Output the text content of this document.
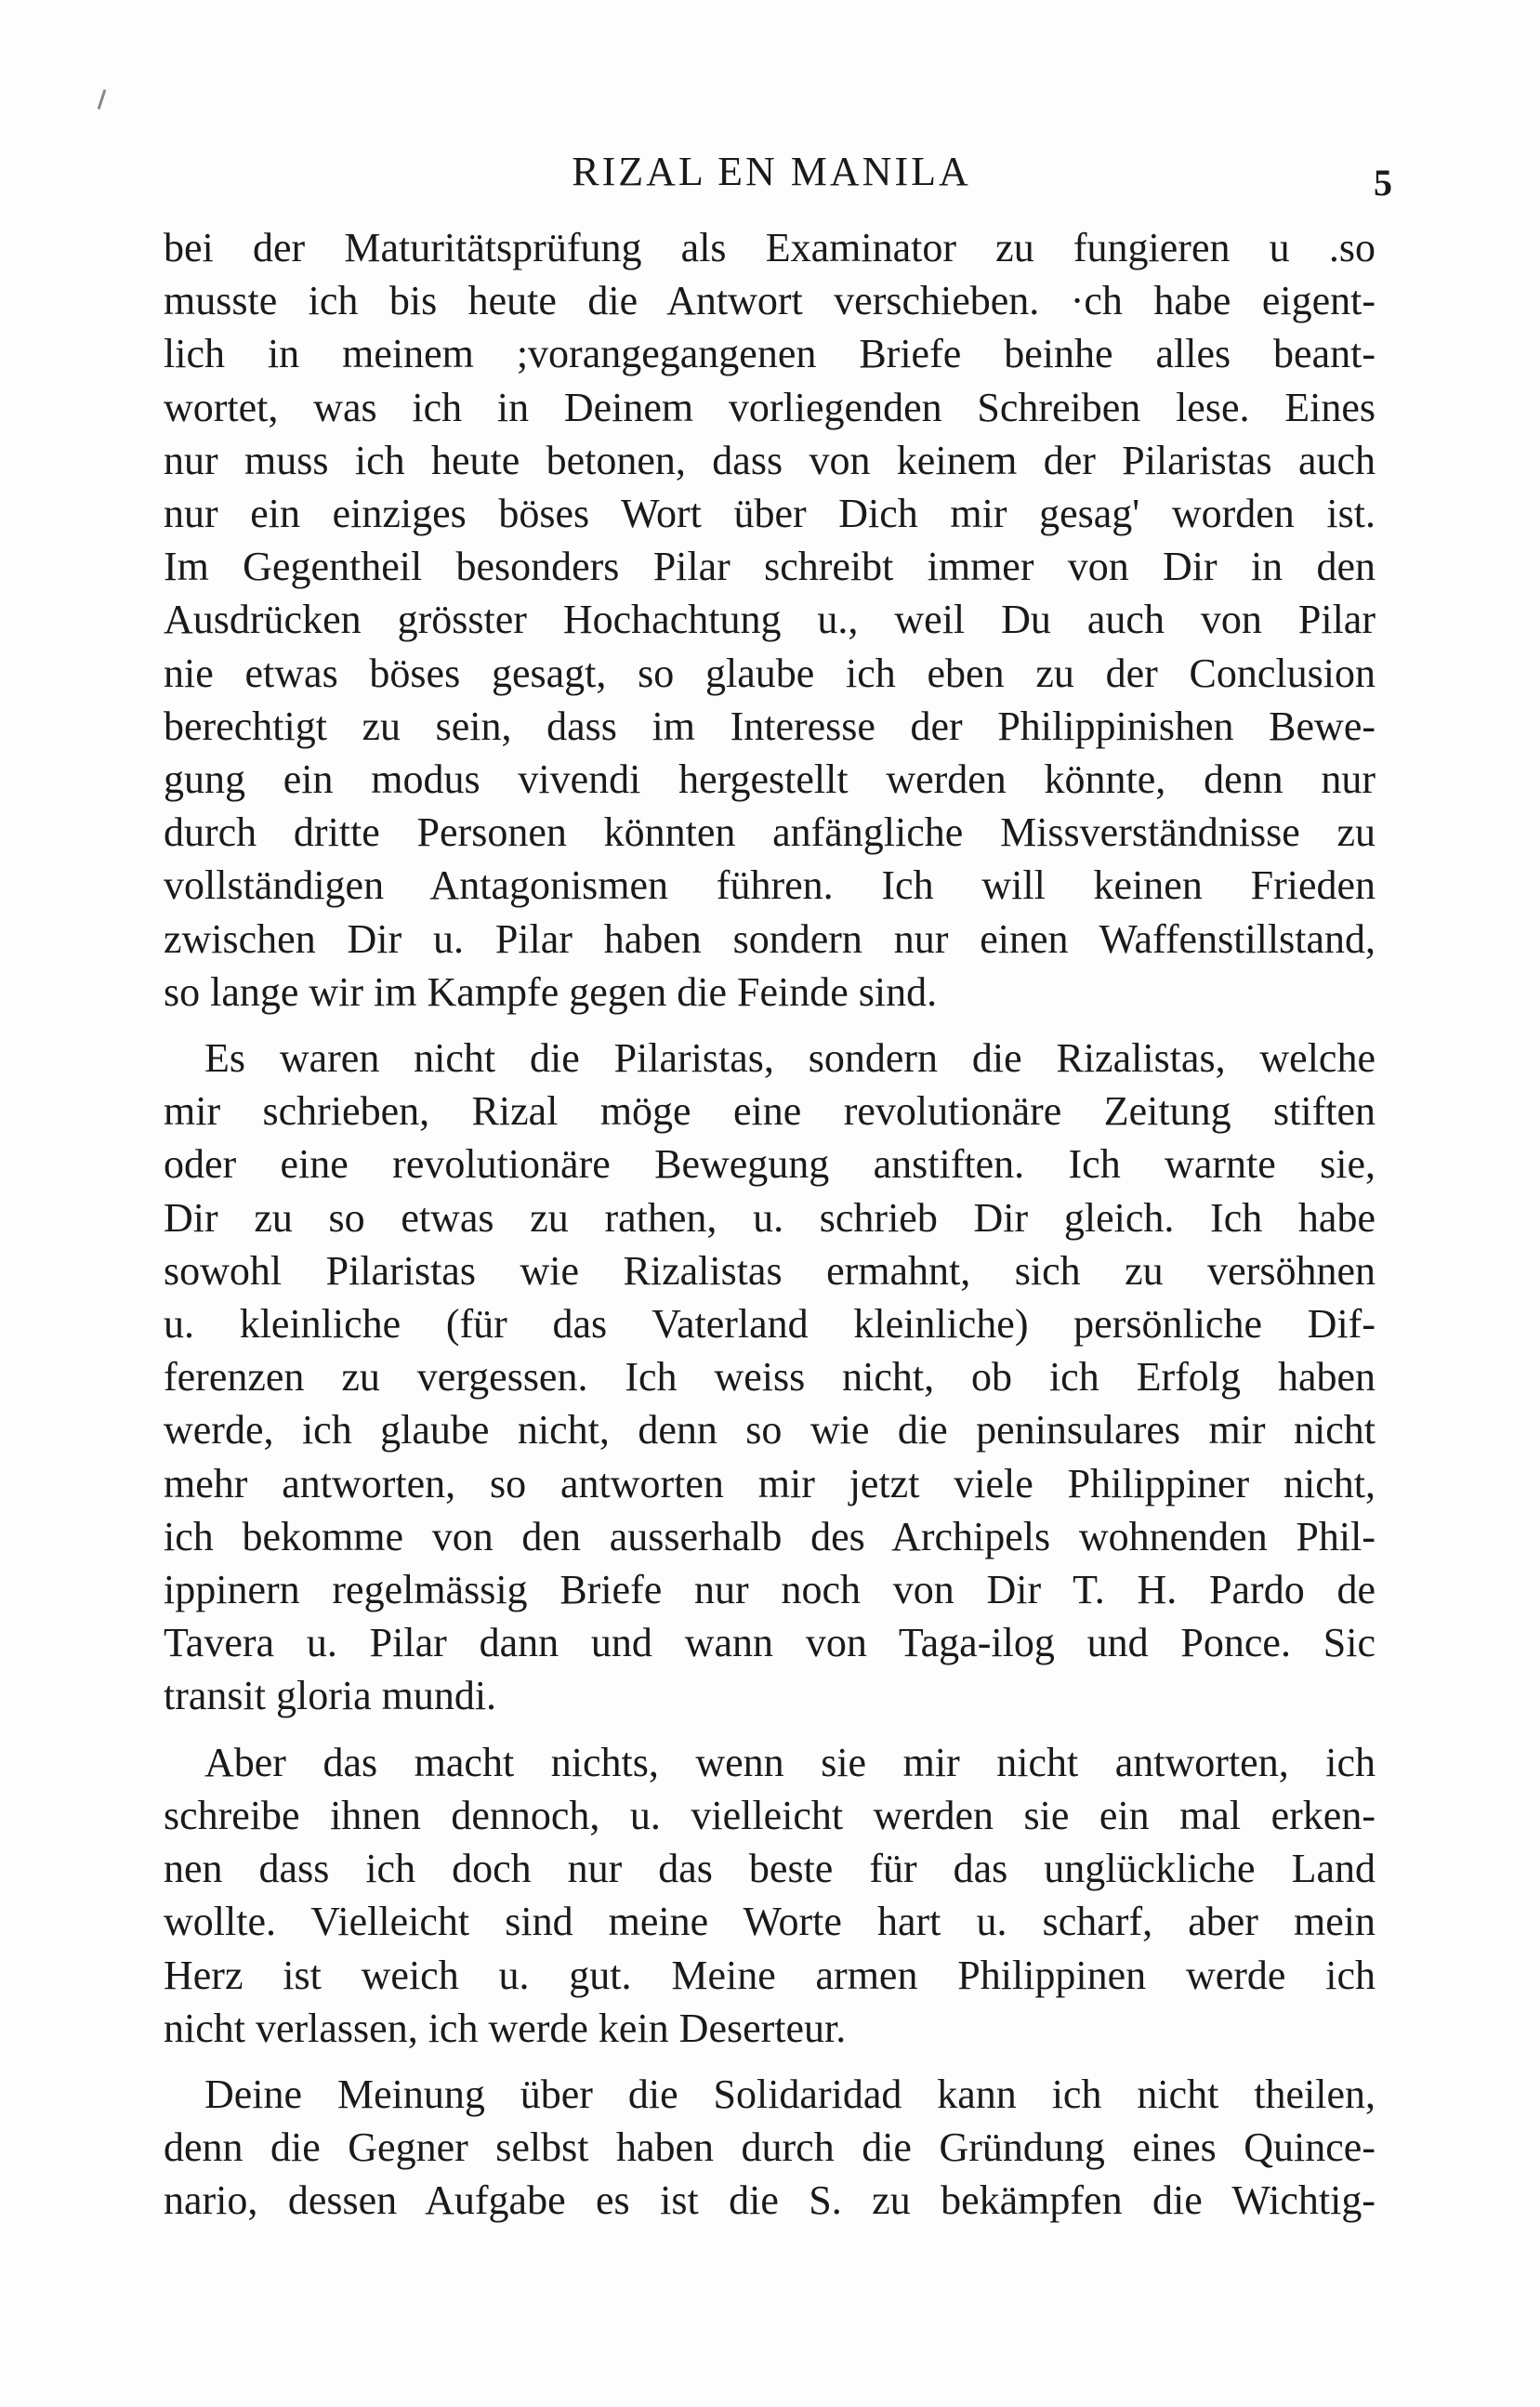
RIZAL EN MANILA	5
bei der Maturitätsprüfung als Examinator zu fungieren u .so
musste ich bis heute die Antwort verschieben. ·ch habe eigent-
lich in meinem ;vorangegangenen Briefe beinhe alles beant-
wortet, was ich in Deinem vorliegenden Schreiben lese. Eines
nur muss ich heute betonen, dass von keinem der Pilaristas auch
nur ein einziges böses Wort über Dich mir gesag' worden ist.
Im Gegentheil besonders Pilar schreibt immer von Dir in den
Ausdrücken grösster Hochachtung u., weil Du auch von Pilar
nie etwas böses gesagt, so glaube ich eben zu der Conclusion
berechtigt zu sein, dass im Interesse der Philippinishen Bewe-
gung ein modus vivendi hergestellt werden könnte, denn nur
durch dritte Personen könnten anfängliche Missverständnisse zu
vollständigen Antagonismen führen. Ich will keinen Frieden
zwischen Dir u. Pilar haben sondern nur einen Waffenstillstand,
so lange wir im Kampfe gegen die Feinde sind.
Es waren nicht die Pilaristas, sondern die Rizalistas, welche
mir schrieben, Rizal möge eine revolutionäre Zeitung stiften
oder eine revolutionäre Bewegung anstiften. Ich warnte sie,
Dir zu so etwas zu rathen, u. schrieb Dir gleich. Ich habe
sowohl Pilaristas wie Rizalistas ermahnt, sich zu versöhnen
u. kleinliche (für das Vaterland kleinliche) persönliche Dif-
ferenzen zu vergessen. Ich weiss nicht, ob ich Erfolg haben
werde, ich glaube nicht, denn so wie die peninsulares mir nicht
mehr antworten, so antworten mir jetzt viele Philippiner nicht,
ich bekomme von den ausserhalb des Archipels wohnenden Phil-
ippinern regelmässig Briefe nur noch von Dir T. H. Pardo de
Tavera u. Pilar dann und wann von Taga-ilog und Ponce. Sic
transit gloria mundi.
Aber das macht nichts, wenn sie mir nicht antworten, ich
schreibe ihnen dennoch, u. vielleicht werden sie ein mal erken-
nen dass ich doch nur das beste für das unglückliche Land
wollte. Vielleicht sind meine Worte hart u. scharf, aber mein
Herz ist weich u. gut. Meine armen Philippinen werde ich
nicht verlassen, ich werde kein Deserteur.
Deine Meinung über die Solidaridad kann ich nicht theilen,
denn die Gegner selbst haben durch die Gründung eines Quince-
nario, dessen Aufgabe es ist die S. zu bekämpfen die Wichtig-
